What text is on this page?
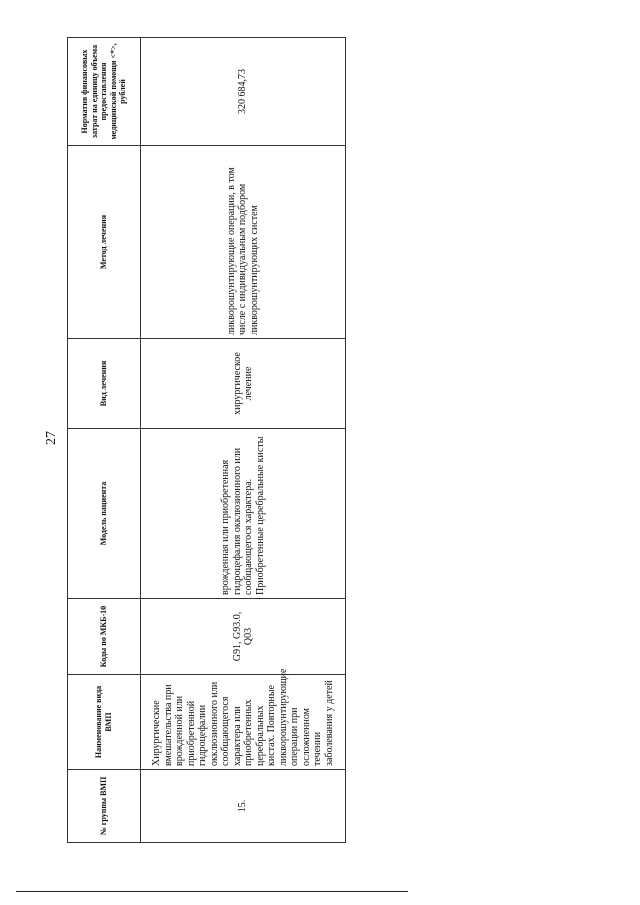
27
№ группы ВМП	Наименование вида ВМП	Коды по МКБ-10	Модель пациента	Вид лечения	Метод лечения	Норматив финансовых затрат на единицу объема предоставления медицинской помощи <*>, рублей
15.	Хирургические вмешательства при врожденной или приобретенной гидроцефалии окклюзионного или сообщающегося характера или приобретенных церебральных кистах. Повторные ликворошунтирующие операции при осложненном течении заболевания у детей	G91, G93.0, Q03	врожденная или приобретенная гидроцефалия окклюзионного или сообщающегося характера. Приобретенные церебральные кисты	хирургическое лечение	ликворошунтирующие операции, в том числе с индивидуальным подбором ликворошунтирующих систем	320 684,73
